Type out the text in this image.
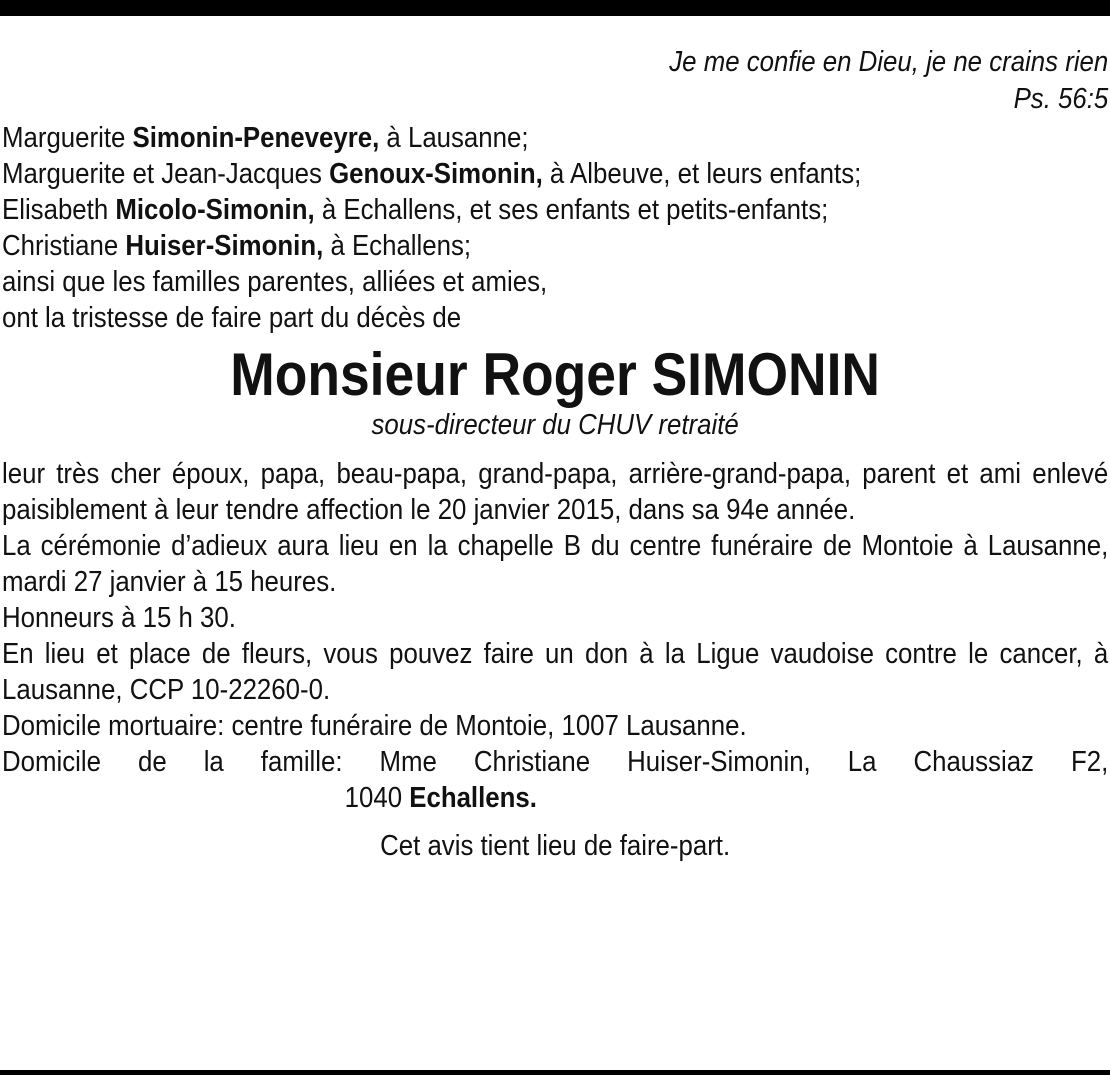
Je me confie en Dieu, je ne crains rien
Ps. 56:5
Marguerite Simonin-Peneveyre, à Lausanne;
Marguerite et Jean-Jacques Genoux-Simonin, à Albeuve, et leurs enfants;
Elisabeth Micolo-Simonin, à Echallens, et ses enfants et petits-enfants;
Christiane Huiser-Simonin, à Echallens;
ainsi que les familles parentes, alliées et amies,
ont la tristesse de faire part du décès de
Monsieur Roger SIMONIN
sous-directeur du CHUV retraité
leur très cher époux, papa, beau-papa, grand-papa, arrière-grand-papa, parent et ami enlevé paisiblement à leur tendre affection le 20 janvier 2015, dans sa 94e année.
La cérémonie d’adieux aura lieu en la chapelle B du centre funéraire de Montoie à Lausanne, mardi 27 janvier à 15 heures.
Honneurs à 15 h 30.
En lieu et place de fleurs, vous pouvez faire un don à la Ligue vaudoise contre le cancer, à Lausanne, CCP 10-22260-0.
Domicile mortuaire: centre funéraire de Montoie, 1007 Lausanne.
Domicile de la famille: Mme Christiane Huiser-Simonin, La Chaussiaz F2,
1040 Echallens.
Cet avis tient lieu de faire-part.
